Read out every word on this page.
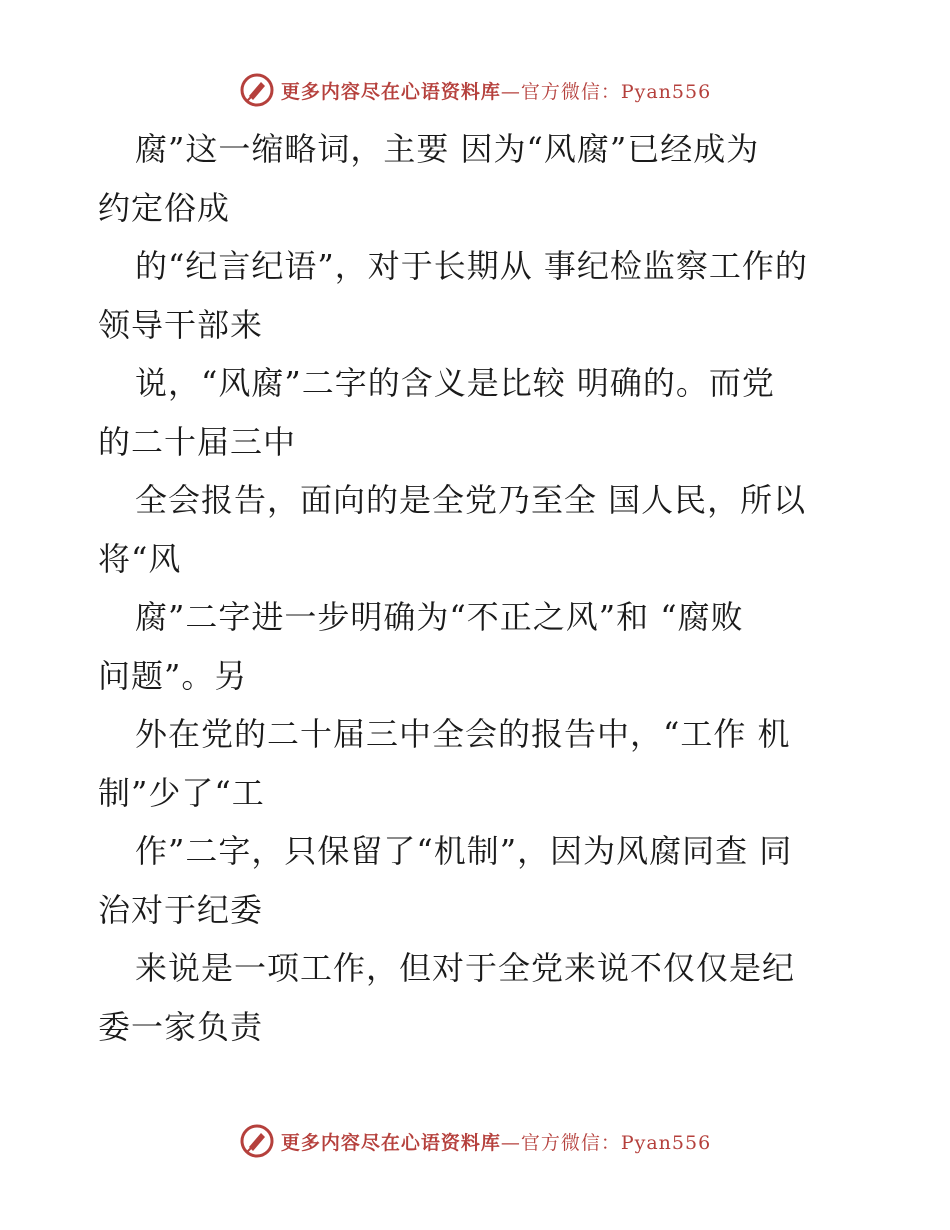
更多内容尽在心语资料库—官方微信：Pyan556
腐”这一缩略词，主要 因为“风腐”已经成为
约定俗成
的“纪言纪语”，对于长期从 事纪检监察工作的
领导干部来
说，“风腐”二字的含义是比较 明确的。而党
的二十届三中
全会报告，面向的是全党乃至全 国人民，所以
将“风
腐”二字进一步明确为“不正之风”和 “腐败
问题”。另
外在党的二十届三中全会的报告中，“工作 机
制”少了“工
作”二字，只保留了“机制”，因为风腐同查 同
治对于纪委
来说是一项工作，但对于全党来说不仅仅是纪
委一家负责
更多内容尽在心语资料库—官方微信：Pyan556
